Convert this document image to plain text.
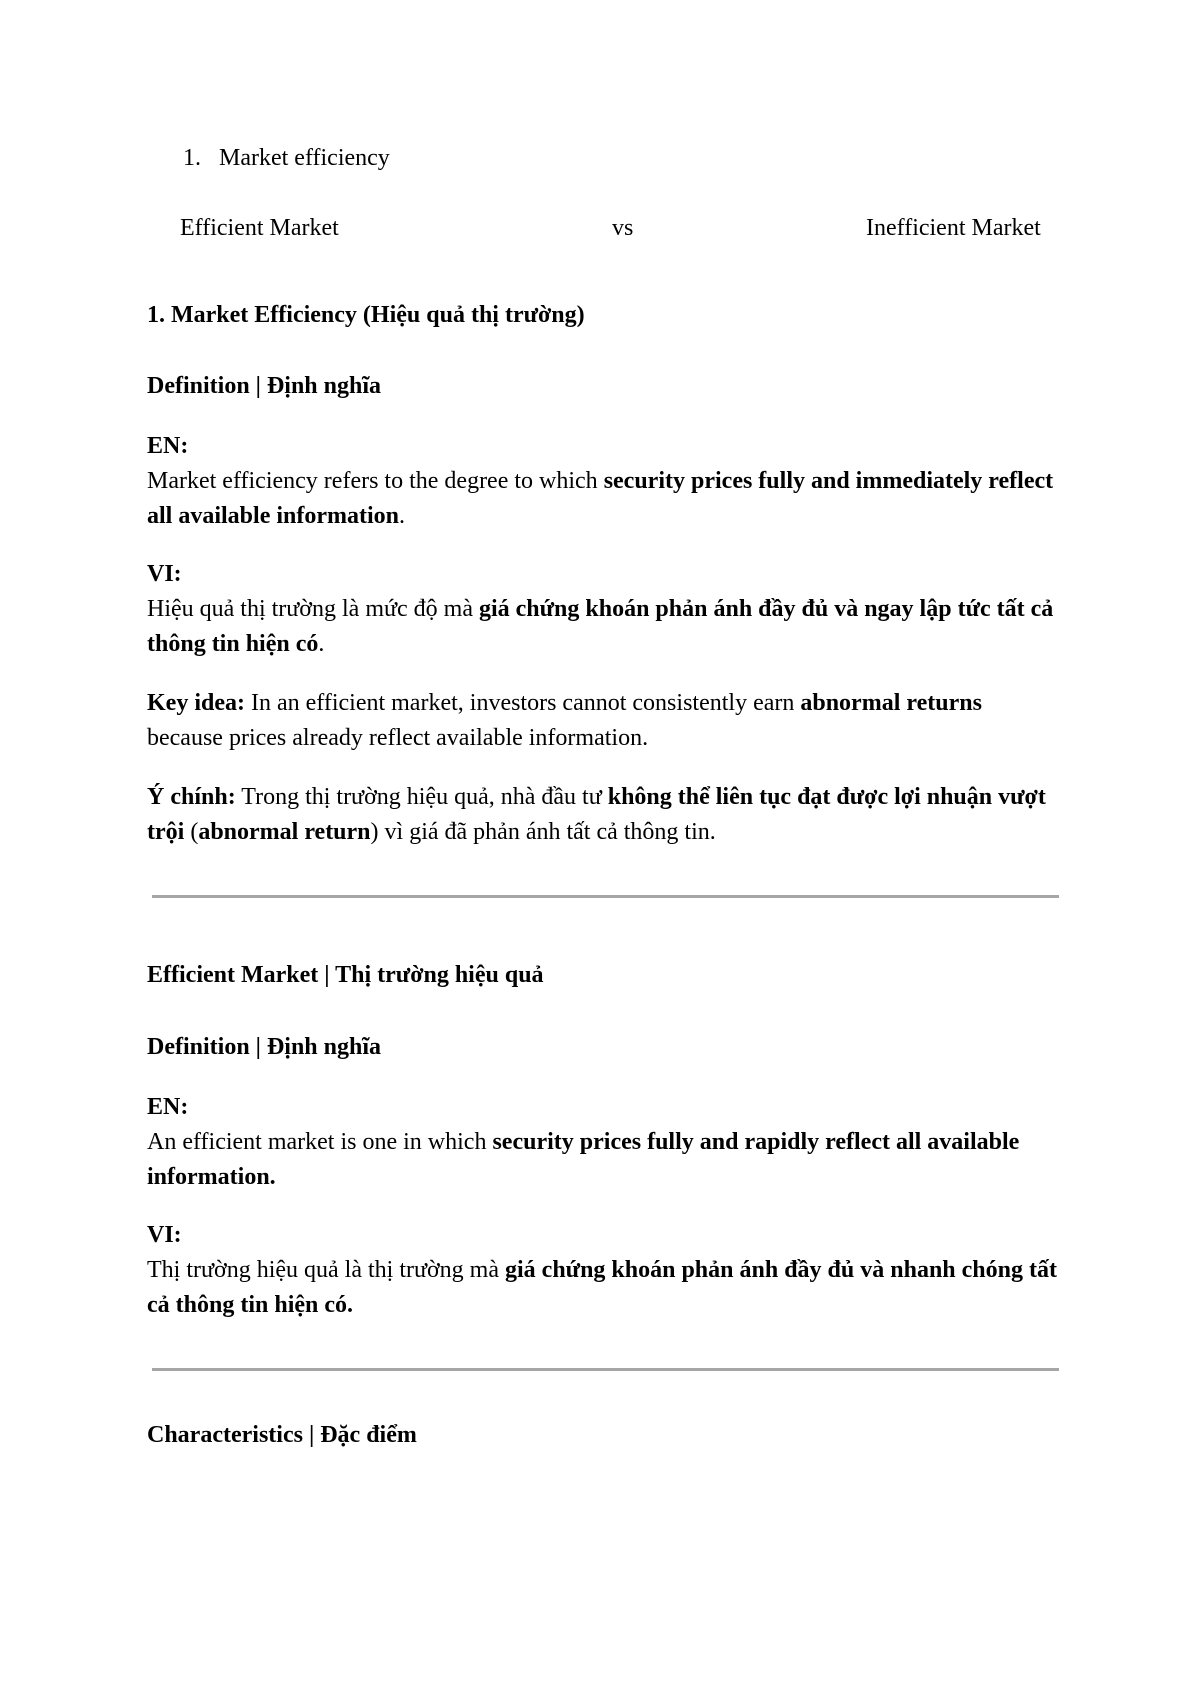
1. Market efficiency
Efficient Market	vs	Inefficient Market
1. Market Efficiency (Hiệu quả thị trường)
Definition | Định nghĩa
EN:
Market efficiency refers to the degree to which security prices fully and immediately reflect all available information.
VI:
Hiệu quả thị trường là mức độ mà giá chứng khoán phản ánh đầy đủ và ngay lập tức tất cả thông tin hiện có.
Key idea: In an efficient market, investors cannot consistently earn abnormal returns because prices already reflect available information.
Ý chính: Trong thị trường hiệu quả, nhà đầu tư không thể liên tục đạt được lợi nhuận vượt trội (abnormal return) vì giá đã phản ánh tất cả thông tin.
Efficient Market | Thị trường hiệu quả
Definition | Định nghĩa
EN:
An efficient market is one in which security prices fully and rapidly reflect all available information.
VI:
Thị trường hiệu quả là thị trường mà giá chứng khoán phản ánh đầy đủ và nhanh chóng tất cả thông tin hiện có.
Characteristics | Đặc điểm
